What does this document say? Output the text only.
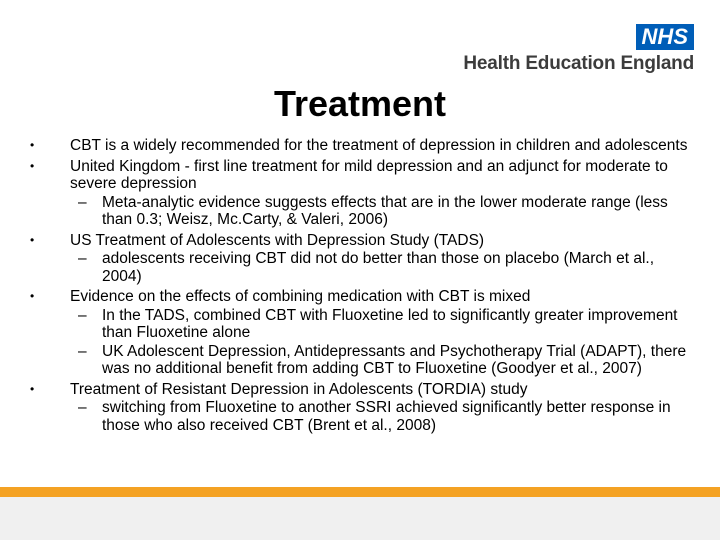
NHS
Health Education England
Treatment
• CBT is a widely recommended for the treatment of depression in children and adolescents
• United Kingdom - first line treatment for mild depression and an adjunct for moderate to severe depression
– Meta-analytic evidence suggests effects that are in the lower moderate range (less than 0.3; Weisz, Mc.Carty, & Valeri, 2006)
• US Treatment of Adolescents with Depression Study (TADS)
– adolescents receiving CBT did not do better than those on placebo (March et al., 2004)
• Evidence on the effects of combining medication with CBT is mixed
– In the TADS, combined CBT with Fluoxetine led to significantly greater improvement than Fluoxetine alone
– UK Adolescent Depression, Antidepressants and Psychotherapy Trial (ADAPT), there was no additional benefit from adding CBT to Fluoxetine (Goodyer et al., 2007)
• Treatment of Resistant Depression in Adolescents (TORDIA) study
– switching from Fluoxetine to another SSRI achieved significantly better response in those who also received CBT (Brent et al., 2008)
